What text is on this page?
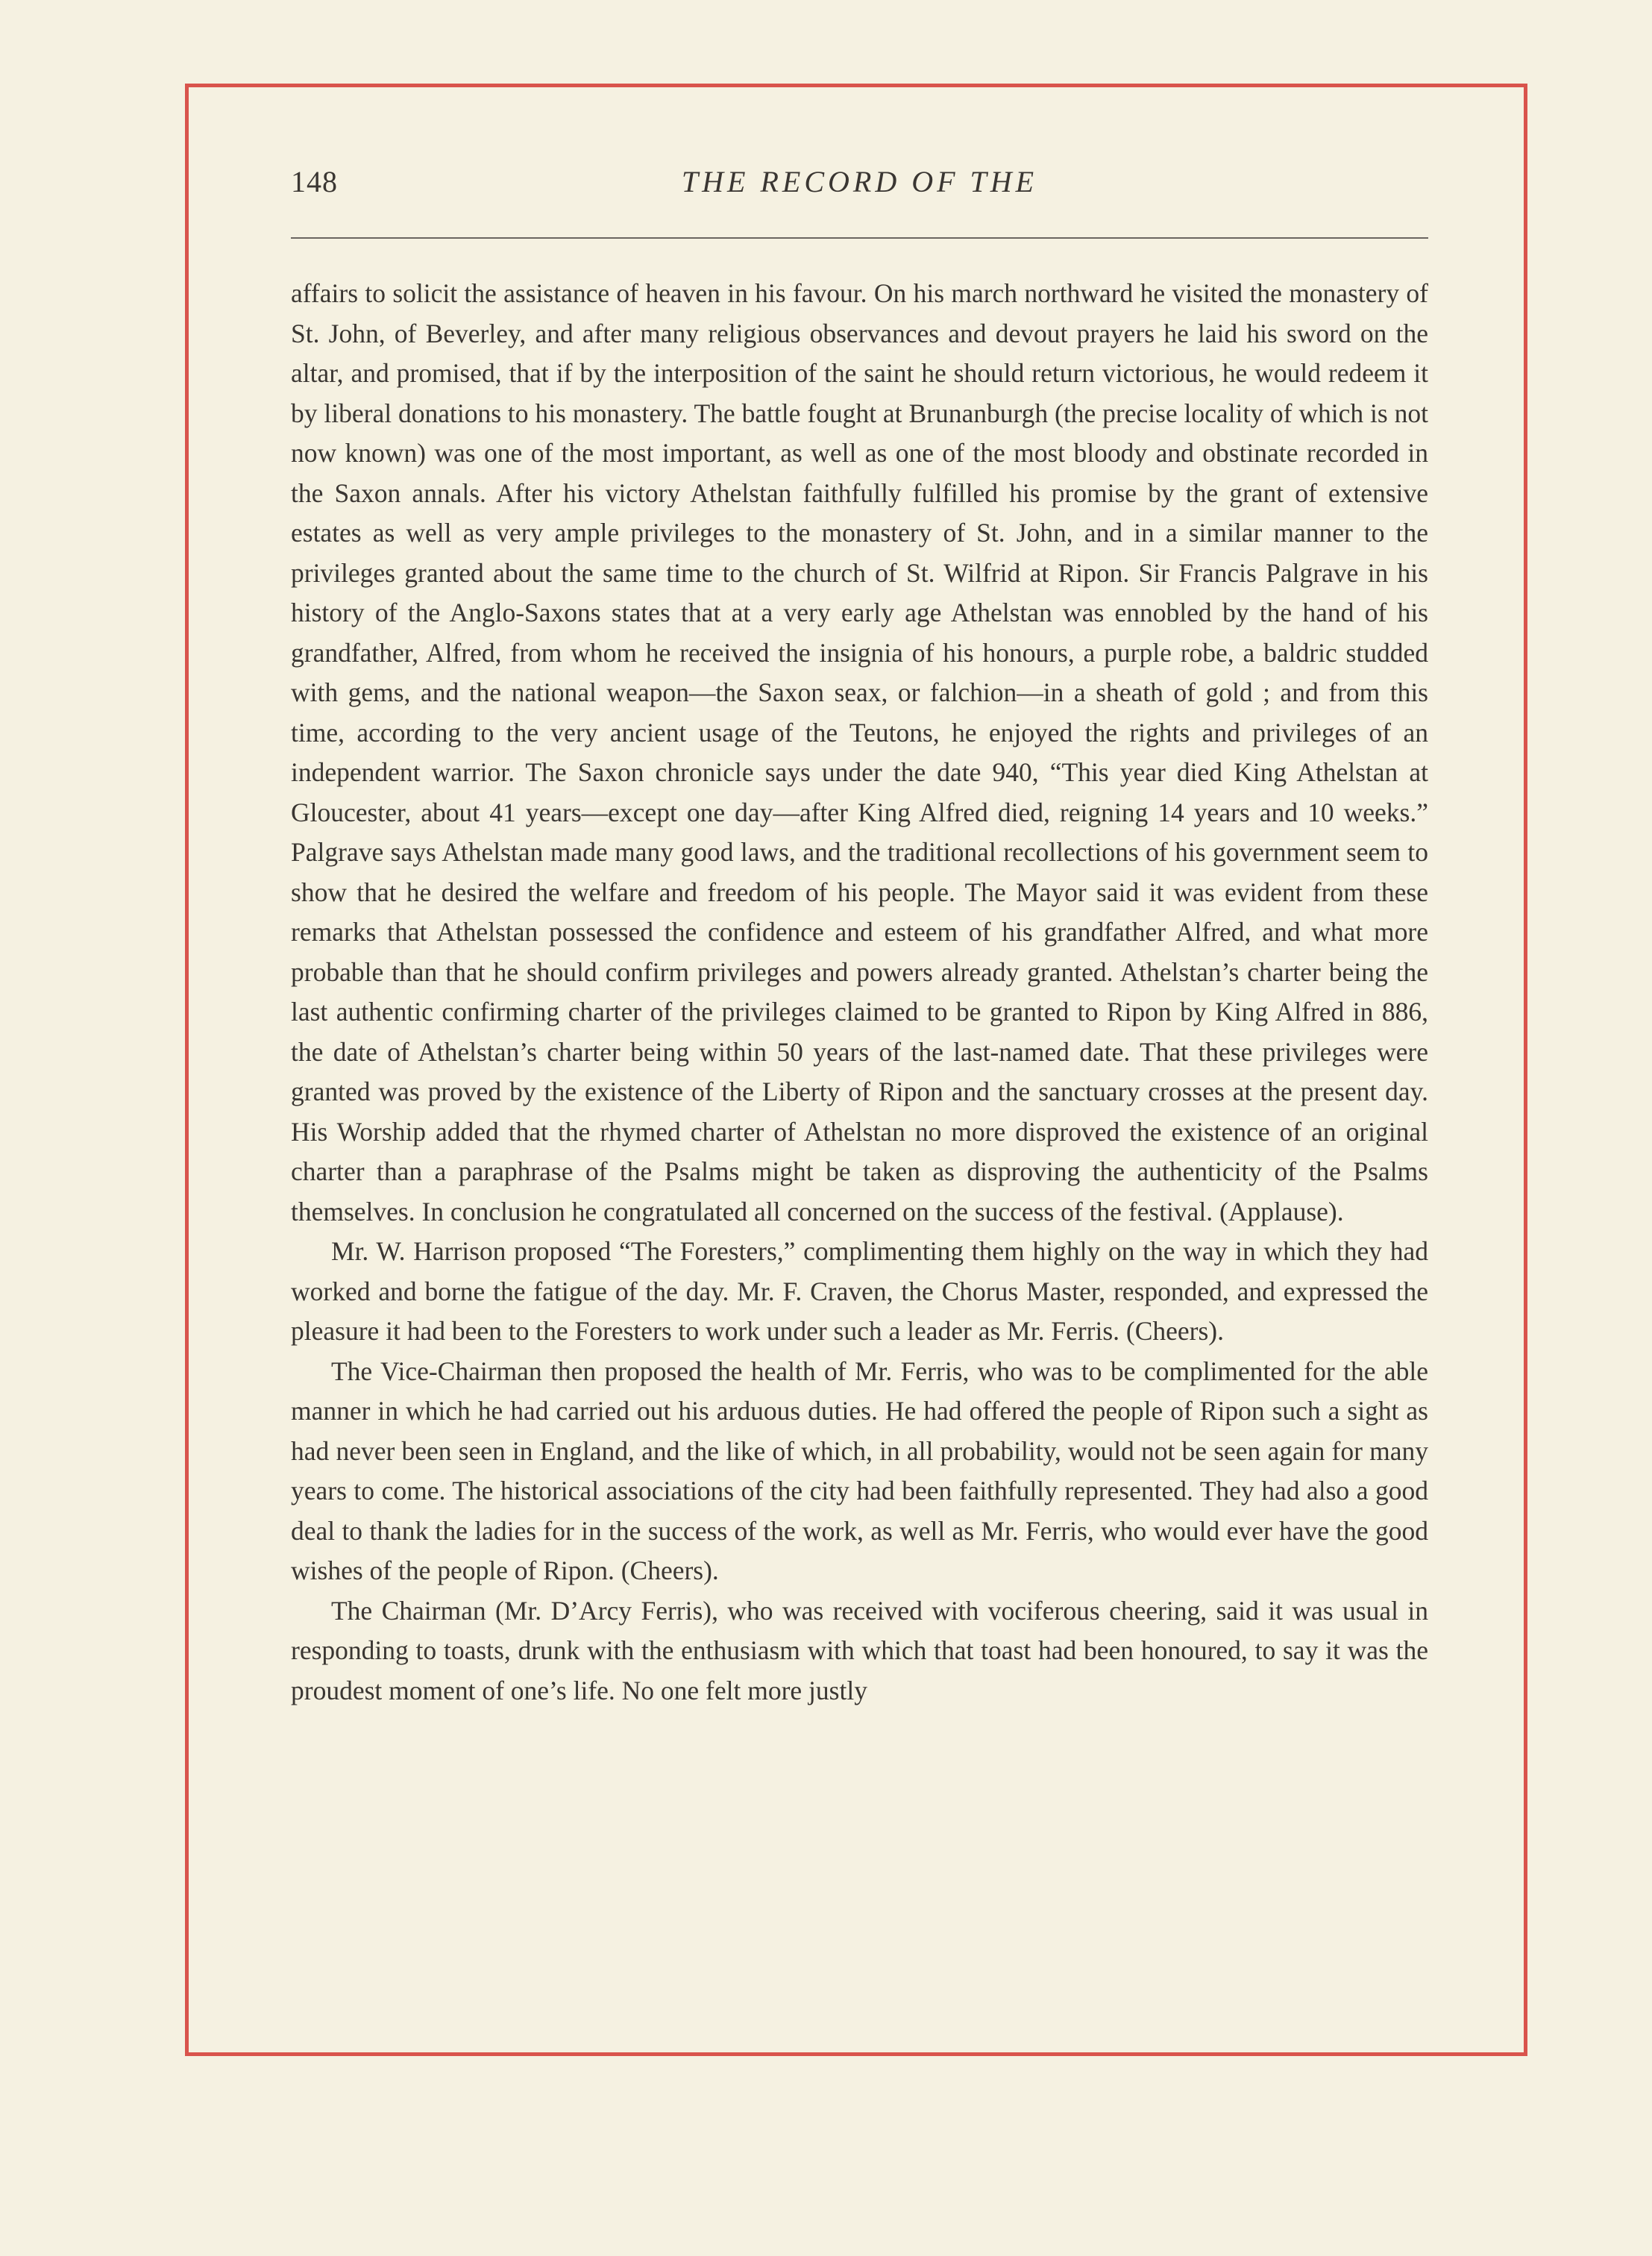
148	THE RECORD OF THE

affairs to solicit the assistance of heaven in his favour. On his march northward he visited the monastery of St. John, of Beverley, and after many religious observances and devout prayers he laid his sword on the altar, and promised, that if by the interposition of the saint he should return victorious, he would redeem it by liberal donations to his monastery. The battle fought at Brunanburgh (the precise locality of which is not now known) was one of the most important, as well as one of the most bloody and obstinate recorded in the Saxon annals. After his victory Athelstan faithfully fulfilled his promise by the grant of extensive estates as well as very ample privileges to the monastery of St. John, and in a similar manner to the privileges granted about the same time to the church of St. Wilfrid at Ripon. Sir Francis Palgrave in his history of the Anglo-Saxons states that at a very early age Athelstan was ennobled by the hand of his grandfather, Alfred, from whom he received the insignia of his honours, a purple robe, a baldric studded with gems, and the national weapon—the Saxon seax, or falchion—in a sheath of gold ; and from this time, according to the very ancient usage of the Teutons, he enjoyed the rights and privileges of an independent warrior. The Saxon chronicle says under the date 940, “This year died King Athelstan at Gloucester, about 41 years—except one day—after King Alfred died, reigning 14 years and 10 weeks.” Palgrave says Athelstan made many good laws, and the traditional recollections of his government seem to show that he desired the welfare and freedom of his people. The Mayor said it was evident from these remarks that Athelstan possessed the confidence and esteem of his grandfather Alfred, and what more probable than that he should confirm privileges and powers already granted. Athelstan’s charter being the last authentic confirming charter of the privileges claimed to be granted to Ripon by King Alfred in 886, the date of Athelstan’s charter being within 50 years of the last-named date. That these privileges were granted was proved by the existence of the Liberty of Ripon and the sanctuary crosses at the present day. His Worship added that the rhymed charter of Athelstan no more disproved the existence of an original charter than a paraphrase of the Psalms might be taken as disproving the authenticity of the Psalms themselves. In conclusion he congratulated all concerned on the success of the festival. (Applause).

Mr. W. Harrison proposed “The Foresters,” complimenting them highly on the way in which they had worked and borne the fatigue of the day. Mr. F. Craven, the Chorus Master, responded, and expressed the pleasure it had been to the Foresters to work under such a leader as Mr. Ferris. (Cheers).

The Vice-Chairman then proposed the health of Mr. Ferris, who was to be complimented for the able manner in which he had carried out his arduous duties. He had offered the people of Ripon such a sight as had never been seen in England, and the like of which, in all probability, would not be seen again for many years to come. The historical associations of the city had been faithfully represented. They had also a good deal to thank the ladies for in the success of the work, as well as Mr. Ferris, who would ever have the good wishes of the people of Ripon. (Cheers).

The Chairman (Mr. D’Arcy Ferris), who was received with vociferous cheering, said it was usual in responding to toasts, drunk with the enthusiasm with which that toast had been honoured, to say it was the proudest moment of one’s life. No one felt more justly
